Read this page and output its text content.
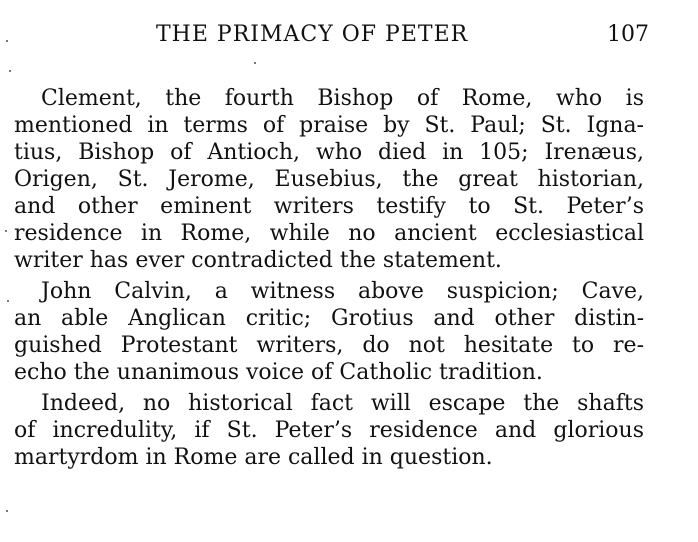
THE PRIMACY OF PETER	107
Clement, the fourth Bishop of Rome, who is
mentioned in terms of praise by St. Paul; St. Igna-
tius, Bishop of Antioch, who died in 105; Irenæus,
Origen, St. Jerome, Eusebius, the great historian,
and other eminent writers testify to St. Peter’s
residence in Rome, while no ancient ecclesiastical
writer has ever contradicted the statement.
John Calvin, a witness above suspicion; Cave,
an able Anglican critic; Grotius and other distin-
guished Protestant writers, do not hesitate to re-
echo the unanimous voice of Catholic tradition.
Indeed, no historical fact will escape the shafts
of incredulity, if St. Peter’s residence and glorious
martyrdom in Rome are called in question.
